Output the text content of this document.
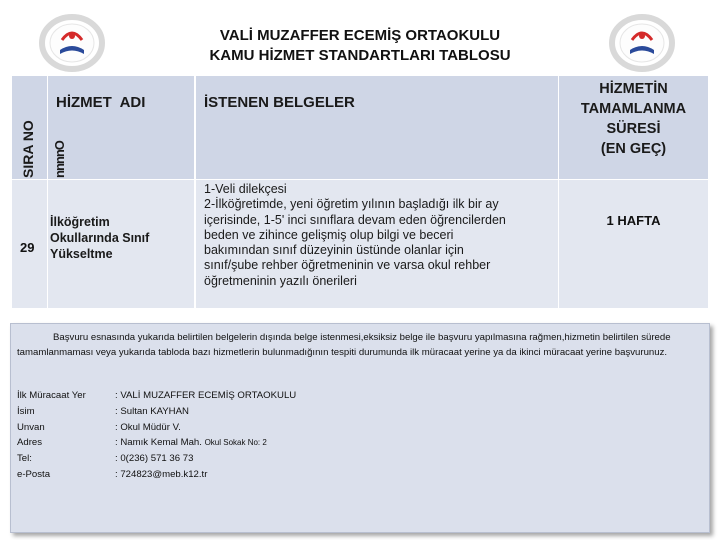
VALİ MUZAFFER ECEMİŞ ORTAOKULU
KAMU HİZMET STANDARTLARI TABLOSU
SIRA NO nnnnO
HİZMET  ADI	İSTENEN BELGELER
HİZMETİN
TAMAMLANMA
SÜRESİ
(EN GEÇ)
29
İlköğretim
Okullarında Sınıf
Yükseltme
1-Veli dilekçesi
2-İlköğretimde, yeni öğretim yılının başladığı ilk bir ay
içerisinde, 1-5' inci sınıflara devam eden öğrencilerden
beden ve zihince gelişmiş olup bilgi ve beceri
bakımından sınıf düzeyinin üstünde olanlar için
sınıf/şube rehber öğretmeninin ve varsa okul rehber
öğretmeninin yazılı önerileri
1 HAFTA
Başvuru esnasında yukarıda belirtilen belgelerin dışında belge istenmesi,eksiksiz belge ile başvuru yapılmasına rağmen,hizmetin belirtilen sürede tamamlanmaması veya yukarıda tabloda bazı hizmetlerin bulunmadığının tespiti durumunda ilk müracaat yerine ya da ikinci müracaat yerine başvurunuz.
İlk Müracaat Yer
İsim
Unvan
Adres
Tel:
e-Posta
: VALİ MUZAFFER ECEMİŞ ORTAOKULU
: Sultan KAYHAN
: Okul Müdür V.
: Namık Kemal Mah. Okul Sokak No: 2
: 0(236) 571 36 73
: 724823@meb.k12.tr
